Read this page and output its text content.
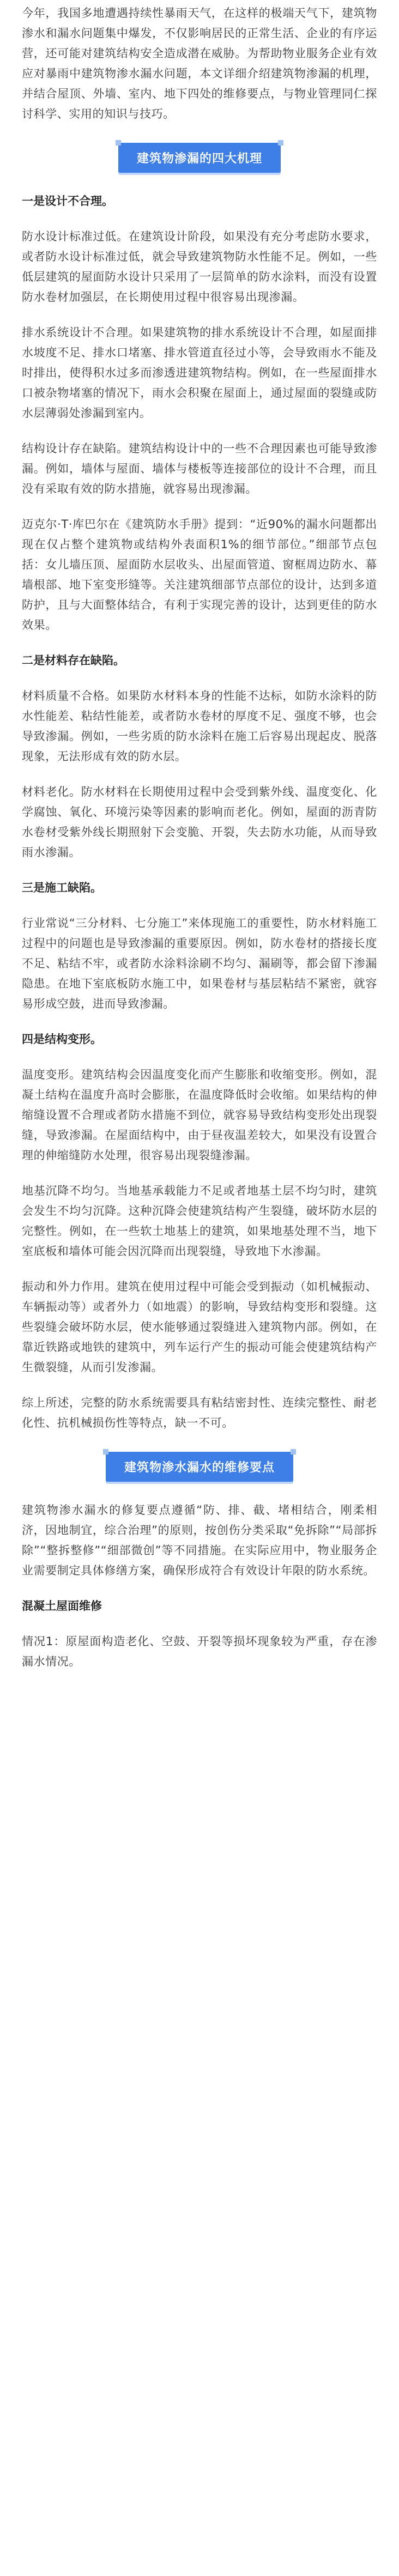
今年，我国多地遭遇持续性暴雨天气，在这样的极端天气下，建筑物渗水和漏水问题集中爆发，不仅影响居民的正常生活、企业的有序运营，还可能对建筑结构安全造成潜在威胁。为帮助物业服务企业有效应对暴雨中建筑物渗水漏水问题，本文详细介绍建筑物渗漏的机理，并结合屋顶、外墙、室内、地下四处的维修要点，与物业管理同仁探讨科学、实用的知识与技巧。

建筑物渗漏的四大机理

一是设计不合理。

防水设计标准过低。在建筑设计阶段，如果没有充分考虑防水要求，或者防水设计标准过低，就会导致建筑物防水性能不足。例如，一些低层建筑的屋面防水设计只采用了一层简单的防水涂料，而没有设置防水卷材加强层，在长期使用过程中很容易出现渗漏。

排水系统设计不合理。如果建筑物的排水系统设计不合理，如屋面排水坡度不足、排水口堵塞、排水管道直径过小等，会导致雨水不能及时排出，使得积水过多而渗透进建筑物结构。例如，在一些屋面排水口被杂物堵塞的情况下，雨水会积聚在屋面上，通过屋面的裂缝或防水层薄弱处渗漏到室内。

结构设计存在缺陷。建筑结构设计中的一些不合理因素也可能导致渗漏。例如，墙体与屋面、墙体与楼板等连接部位的设计不合理，而且没有采取有效的防水措施，就容易出现渗漏。

迈克尔·T·库巴尔在《建筑防水手册》提到：“近90%的漏水问题都出现在仅占整个建筑物或结构外表面积1%的细节部位。”细部节点包括：女儿墙压顶、屋面防水层收头、出屋面管道、窗框周边防水、幕墙根部、地下室变形缝等。关注建筑细部节点部位的设计，达到多道防护，且与大面整体结合，有利于实现完善的设计，达到更佳的防水效果。

二是材料存在缺陷。

材料质量不合格。如果防水材料本身的性能不达标，如防水涂料的防水性能差、粘结性能差，或者防水卷材的厚度不足、强度不够，也会导致渗漏。例如，一些劣质的防水涂料在施工后容易出现起皮、脱落现象，无法形成有效的防水层。

材料老化。防水材料在长期使用过程中会受到紫外线、温度变化、化学腐蚀、氧化、环境污染等因素的影响而老化。例如，屋面的沥青防水卷材受紫外线长期照射下会变脆、开裂，失去防水功能，从而导致雨水渗漏。

三是施工缺陷。

行业常说“三分材料、七分施工”来体现施工的重要性，防水材料施工过程中的问题也是导致渗漏的重要原因。例如，防水卷材的搭接长度不足、粘结不牢，或者防水涂料涂刷不均匀、漏刷等，都会留下渗漏隐患。在地下室底板防水施工中，如果卷材与基层粘结不紧密，就容易形成空鼓，进而导致渗漏。

四是结构变形。

温度变形。建筑结构会因温度变化而产生膨胀和收缩变形。例如，混凝土结构在温度升高时会膨胀，在温度降低时会收缩。如果结构的伸缩缝设置不合理或者防水措施不到位，就容易导致结构变形处出现裂缝，导致渗漏。在屋面结构中，由于昼夜温差较大，如果没有设置合理的伸缩缝防水处理，很容易出现裂缝渗漏。

地基沉降不均匀。当地基承载能力不足或者地基土层不均匀时，建筑会发生不均匀沉降。这种沉降会使建筑结构产生裂缝，破坏防水层的完整性。例如，在一些软土地基上的建筑，如果地基处理不当，地下室底板和墙体可能会因沉降而出现裂缝，导致地下水渗漏。

振动和外力作用。建筑在使用过程中可能会受到振动（如机械振动、车辆振动等）或者外力（如地震）的影响，导致结构变形和裂缝。这些裂缝会破坏防水层，使水能够通过裂缝进入建筑物内部。例如，在靠近铁路或地铁的建筑中，列车运行产生的振动可能会使建筑结构产生微裂缝，从而引发渗漏。

综上所述，完整的防水系统需要具有粘结密封性、连续完整性、耐老化性、抗机械损伤性等特点，缺一不可。

建筑物渗水漏水的维修要点

建筑物渗水漏水的修复要点遵循“防、排、截、堵相结合，刚柔相济，因地制宜，综合治理”的原则，按创伤分类采取“免拆除”“局部拆除”“整拆整修”“细部微创”等不同措施。在实际应用中，物业服务企业需要制定具体修缮方案，确保形成符合有效设计年限的防水系统。

混凝土屋面维修

情况1：原屋面构造老化、空鼓、开裂等损坏现象较为严重，存在渗漏水情况。
